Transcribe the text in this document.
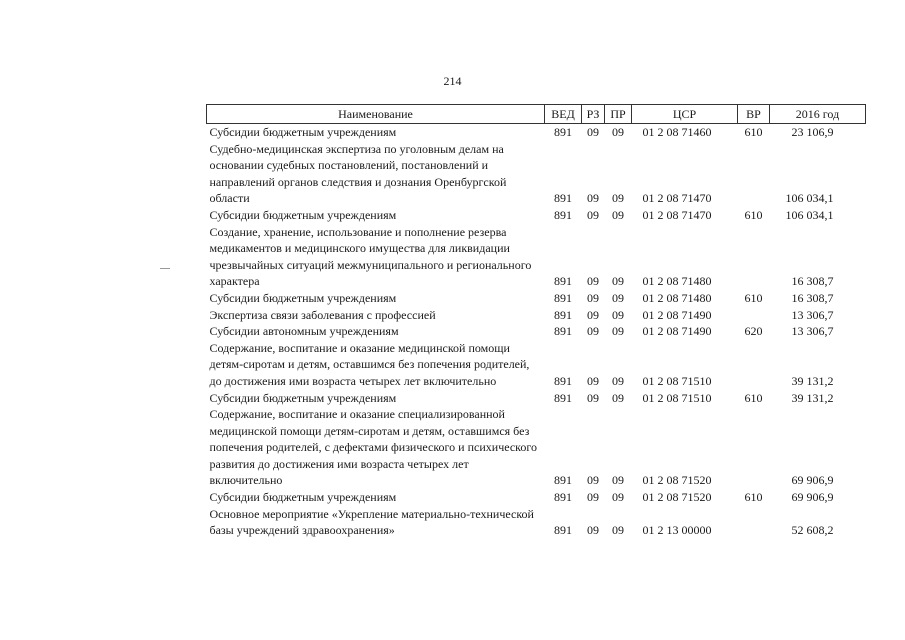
214
Наименование	ВЕД	РЗ	ПР	ЦСР	ВР	2016 год
Субсидии бюджетным учреждениям	891	09	09	01 2 08 71460	610	23 106,9
Судебно-медицинская экспертиза по уголовным делам на основании судебных постановлений, постановлений и направлений органов следствия и дознания Оренбургской области	891	09	09	01 2 08 71470		106 034,1
Субсидии бюджетным учреждениям	891	09	09	01 2 08 71470	610	106 034,1
Создание, хранение, использование и пополнение резерва медикаментов и медицинского имущества для ликвидации чрезвычайных ситуаций межмуниципального и регионального характера	891	09	09	01 2 08 71480		16 308,7
Субсидии бюджетным учреждениям	891	09	09	01 2 08 71480	610	16 308,7
Экспертиза связи заболевания с профессией	891	09	09	01 2 08 71490		13 306,7
Субсидии автономным учреждениям	891	09	09	01 2 08 71490	620	13 306,7
Содержание, воспитание и оказание медицинской помощи детям-сиротам и детям, оставшимся без попечения родителей, до достижения ими возраста четырех лет включительно	891	09	09	01 2 08 71510		39 131,2
Субсидии бюджетным учреждениям	891	09	09	01 2 08 71510	610	39 131,2
Содержание, воспитание и оказание специализированной медицинской помощи детям-сиротам и детям, оставшимся без попечения родителей, с дефектами физического и психического развития до достижения ими возраста четырех лет включительно	891	09	09	01 2 08 71520		69 906,9
Субсидии бюджетным учреждениям	891	09	09	01 2 08 71520	610	69 906,9
Основное мероприятие «Укрепление материально-технической базы учреждений здравоохранения»	891	09	09	01 2 13 00000		52 608,2
